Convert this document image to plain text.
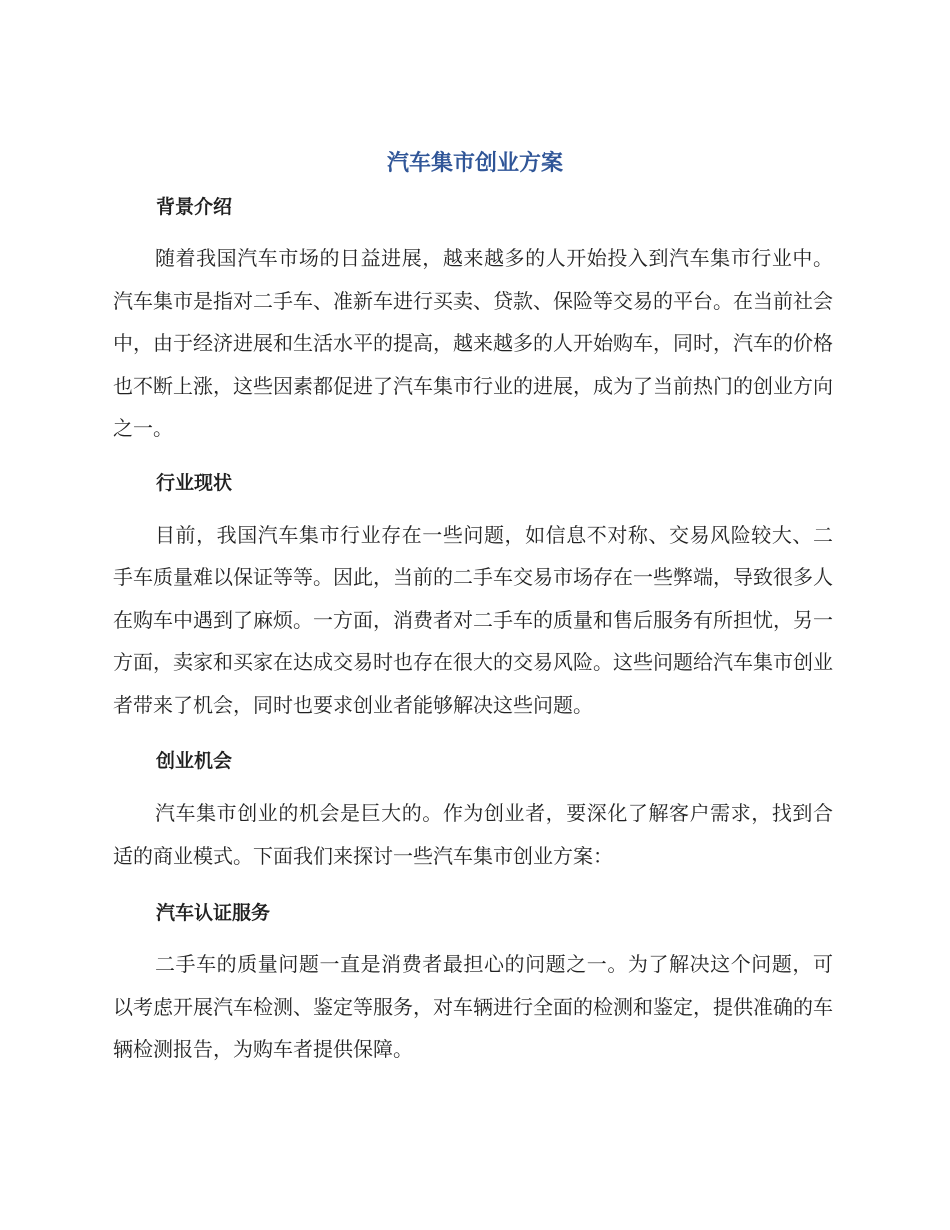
汽车集市创业方案
背景介绍

随着我国汽车市场的日益进展，越来越多的人开始投入到汽车集市行业中。汽车集市是指对二手车、准新车进行买卖、贷款、保险等交易的平台。在当前社会中，由于经济进展和生活水平的提高，越来越多的人开始购车，同时，汽车的价格也不断上涨，这些因素都促进了汽车集市行业的进展，成为了当前热门的创业方向之一。

行业现状

目前，我国汽车集市行业存在一些问题，如信息不对称、交易风险较大、二手车质量难以保证等等。因此，当前的二手车交易市场存在一些弊端，导致很多人在购车中遇到了麻烦。一方面，消费者对二手车的质量和售后服务有所担忧，另一方面，卖家和买家在达成交易时也存在很大的交易风险。这些问题给汽车集市创业者带来了机会，同时也要求创业者能够解决这些问题。

创业机会

汽车集市创业的机会是巨大的。作为创业者，要深化了解客户需求，找到合适的商业模式。下面我们来探讨一些汽车集市创业方案：

汽车认证服务

二手车的质量问题一直是消费者最担心的问题之一。为了解决这个问题，可以考虑开展汽车检测、鉴定等服务，对车辆进行全面的检测和鉴定，提供准确的车辆检测报告，为购车者提供保障。
